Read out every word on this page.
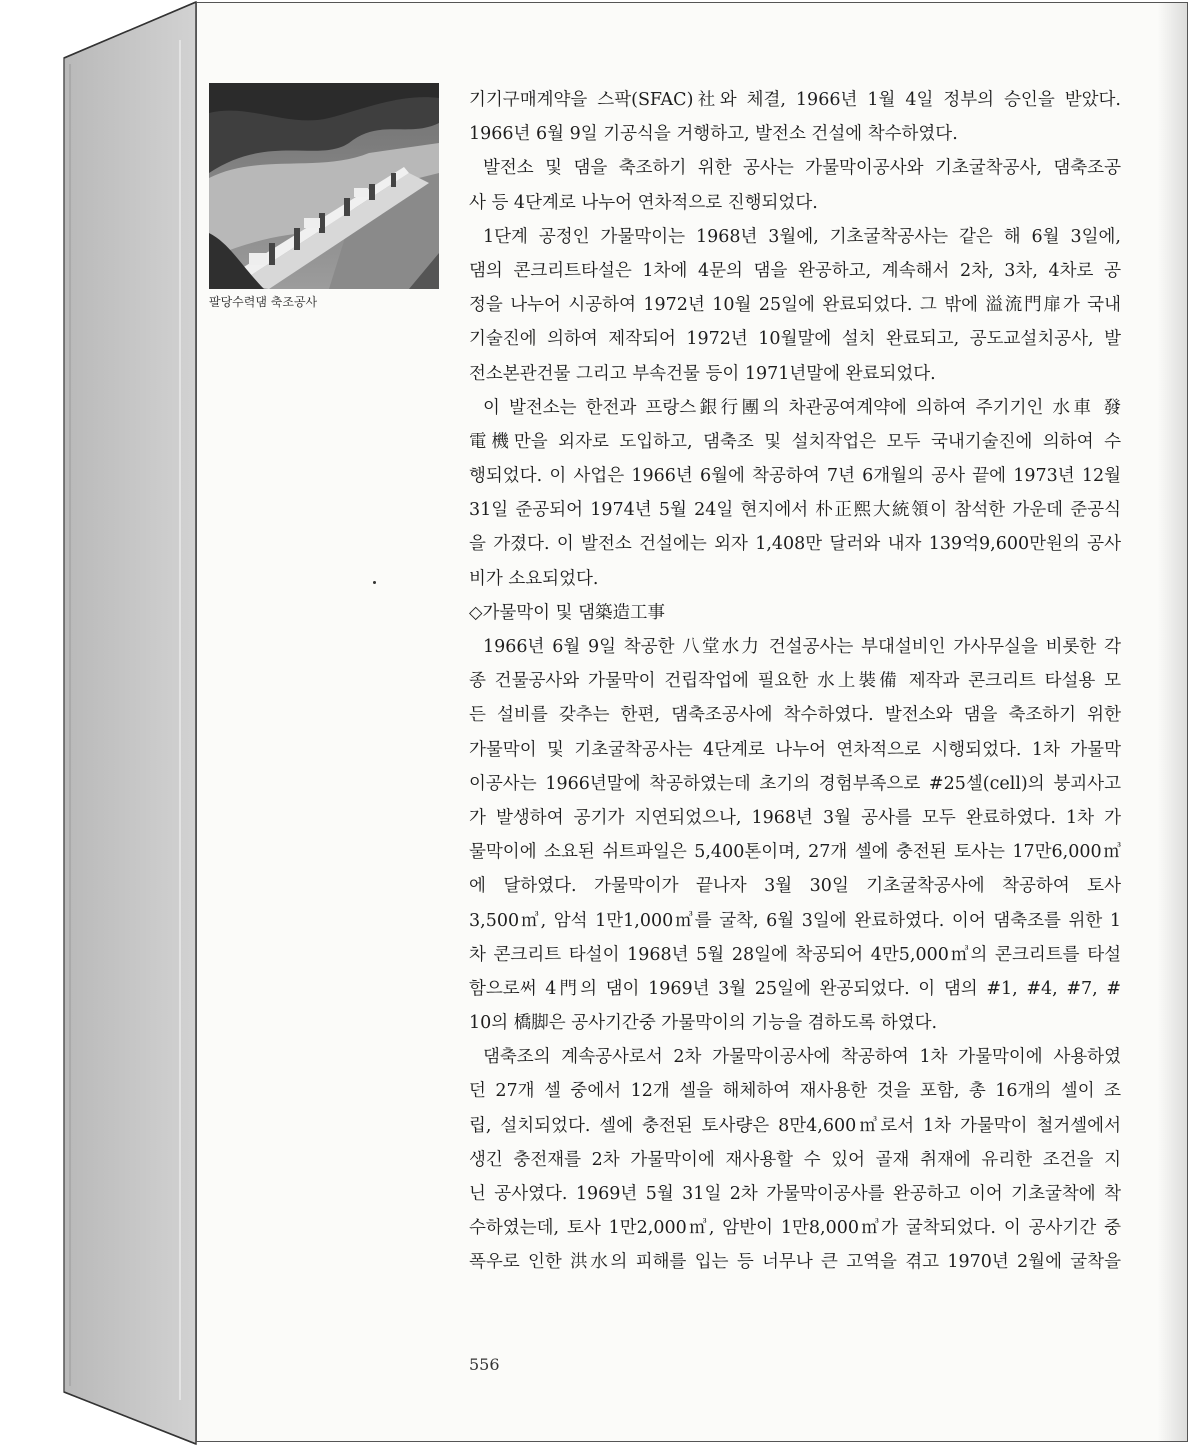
팔당수력댐 축조공사
기기구매계약을 스팍(SFAC)社와 체결, 1966년 1월 4일 정부의 승인을 받았다.
1966년 6월 9일 기공식을 거행하고, 발전소 건설에 착수하였다.
발전소 및 댐을 축조하기 위한 공사는 가물막이공사와 기초굴착공사, 댐축조공
사 등 4단계로 나누어 연차적으로 진행되었다.
1단계 공정인 가물막이는 1968년 3월에, 기초굴착공사는 같은 해 6월 3일에,
댐의 콘크리트타설은 1차에 4문의 댐을 완공하고, 계속해서 2차, 3차, 4차로 공
정을 나누어 시공하여 1972년 10월 25일에 완료되었다. 그 밖에 溢流門扉가 국내
기술진에 의하여 제작되어 1972년 10월말에 설치 완료되고, 공도교설치공사, 발
전소본관건물 그리고 부속건물 등이 1971년말에 완료되었다.
이 발전소는 한전과 프랑스銀行團의 차관공여계약에 의하여 주기기인 水車 發
電機만을 외자로 도입하고, 댐축조 및 설치작업은 모두 국내기술진에 의하여 수
행되었다. 이 사업은 1966년 6월에 착공하여 7년 6개월의 공사 끝에 1973년 12월
31일 준공되어 1974년 5월 24일 현지에서 朴正熙大統領이 참석한 가운데 준공식
을 가졌다. 이 발전소 건설에는 외자 1,408만 달러와 내자 139억9,600만원의 공사
비가 소요되었다.
◇가물막이 및 댐築造工事
1966년 6월 9일 착공한 八堂水力 건설공사는 부대설비인 가사무실을 비롯한 각
종 건물공사와 가물막이 건립작업에 필요한 水上裝備 제작과 콘크리트 타설용 모
든 설비를 갖추는 한편, 댐축조공사에 착수하였다. 발전소와 댐을 축조하기 위한
가물막이 및 기초굴착공사는 4단계로 나누어 연차적으로 시행되었다. 1차 가물막
이공사는 1966년말에 착공하였는데 초기의 경험부족으로 #25셀(cell)의 붕괴사고
가 발생하여 공기가 지연되었으나, 1968년 3월 공사를 모두 완료하였다. 1차 가
물막이에 소요된 쉬트파일은 5,400톤이며, 27개 셀에 충전된 토사는 17만6,000㎥
에 달하였다. 가물막이가 끝나자 3월 30일 기초굴착공사에 착공하여 토사
3,500㎥, 암석 1만1,000㎥를 굴착, 6월 3일에 완료하였다. 이어 댐축조를 위한 1
차 콘크리트 타설이 1968년 5월 28일에 착공되어 4만5,000㎥의 콘크리트를 타설
함으로써 4門의 댐이 1969년 3월 25일에 완공되었다. 이 댐의 #1, #4, #7, #
10의 橋脚은 공사기간중 가물막이의 기능을 겸하도록 하였다.
댐축조의 계속공사로서 2차 가물막이공사에 착공하여 1차 가물막이에 사용하였
던 27개 셀 중에서 12개 셀을 해체하여 재사용한 것을 포함, 총 16개의 셀이 조
립, 설치되었다. 셀에 충전된 토사량은 8만4,600㎥로서 1차 가물막이 철거셀에서
생긴 충전재를 2차 가물막이에 재사용할 수 있어 골재 취재에 유리한 조건을 지
닌 공사였다. 1969년 5월 31일 2차 가물막이공사를 완공하고 이어 기초굴착에 착
수하였는데, 토사 1만2,000㎥, 암반이 1만8,000㎥가 굴착되었다. 이 공사기간 중
폭우로 인한 洪水의 피해를 입는 등 너무나 큰 고역을 겪고 1970년 2월에 굴착을
556
